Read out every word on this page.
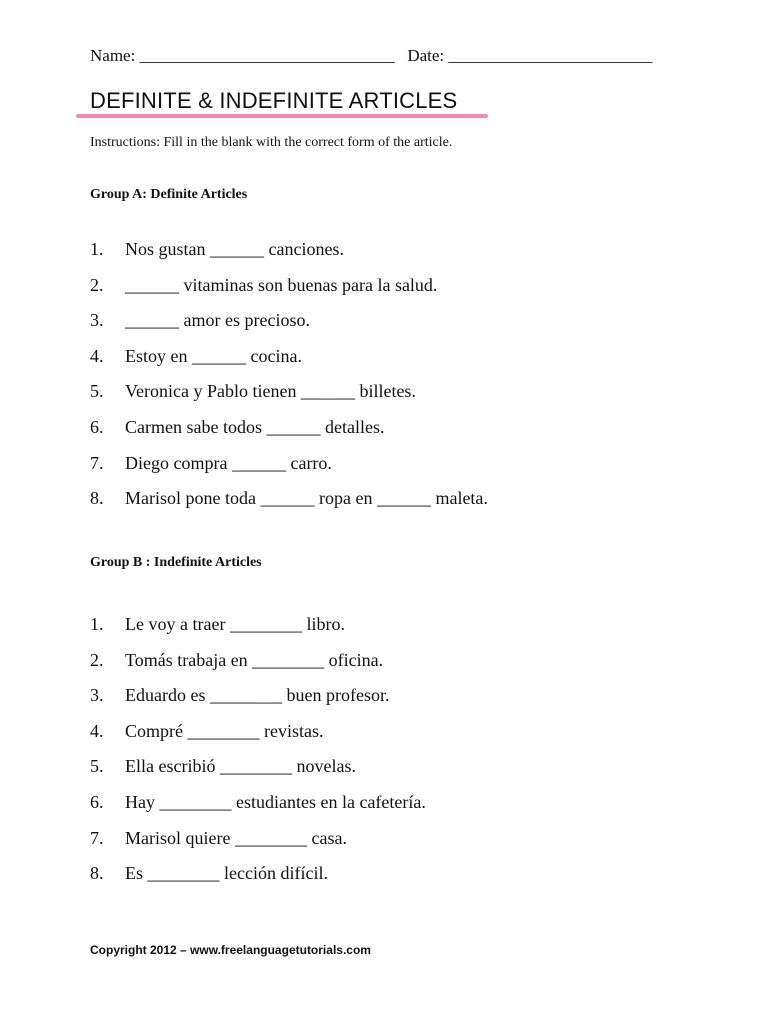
Name: ______________________________ Date: ________________________
DEFINITE & INDEFINITE ARTICLES
Instructions: Fill in the blank with the correct form of the article.
Group A: Definite Articles
1.	Nos gustan ______ canciones.
2.	______ vitaminas son buenas para la salud.
3.	______ amor es precioso.
4.	Estoy en ______ cocina.
5.	Veronica y Pablo tienen ______ billetes.
6.	Carmen sabe todos ______ detalles.
7.	Diego compra ______ carro.
8.	Marisol pone toda ______ ropa en ______ maleta.
Group B : Indefinite Articles
1.	Le voy a traer ________ libro.
2.	Tomás trabaja en ________ oficina.
3.	Eduardo es ________ buen profesor.
4.	Compré ________ revistas.
5.	Ella escribió ________ novelas.
6.	Hay ________ estudiantes en la cafetería.
7.	Marisol quiere ________ casa.
8.	Es ________ lección difícil.
Copyright 2012 – www.freelanguagetutorials.com
